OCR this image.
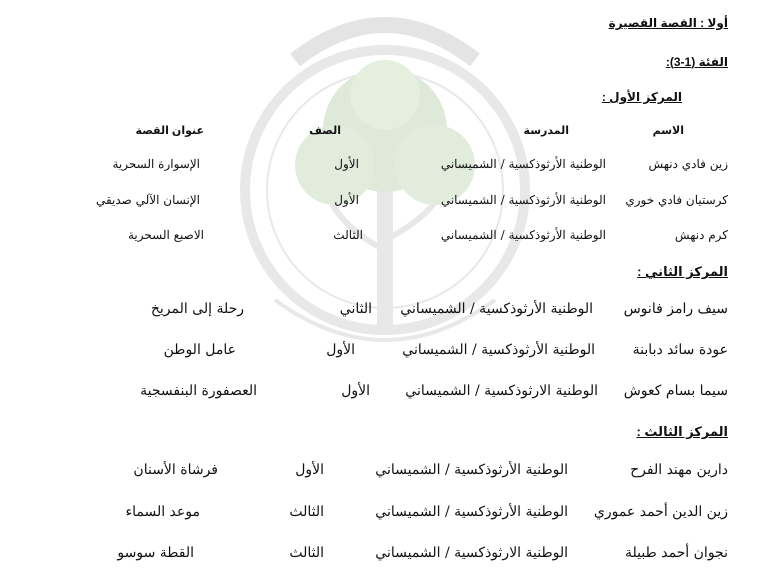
أولا : القصة القصيرة
الفئة (1-3):
المركز الأول :
الاسم
المدرسة
الصف
عنوان القصة
زين فادي دنهش
الوطنية الأرثوذكسية / الشميساني
الأول
الإسوارة السحرية
كرستيان فادي خوري
الوطنية الأرثوذكسية / الشميساني
الأول
الإنسان الآلي صديقي
كرم دنهش
الوطنية الأرثوذكسية / الشميساني
الثالث
الاصبع السحرية
المركز الثاني :
سيف رامز فانوس
الوطنية الأرثوذكسية / الشميساني
الثاني
رحلة إلى المريخ
عودة سائد دبابنة
الوطنية الأرثوذكسية / الشميساني
الأول
عامل الوطن
سيما بسام كعوش
الوطنية الارثوذكسية / الشميساني
الأول
العصفورة البنفسجية
المركز الثالث :
دارين مهند الفرح
الوطنية الأرثوذكسية / الشميساني
الأول
فرشاة الأسنان
زين الدين أحمد عموري
الوطنية الأرثوذكسية / الشميساني
الثالث
موعد السماء
نجوان أحمد طبيلة
الوطنية الارثوذكسية / الشميساني
الثالث
القطة سوسو
